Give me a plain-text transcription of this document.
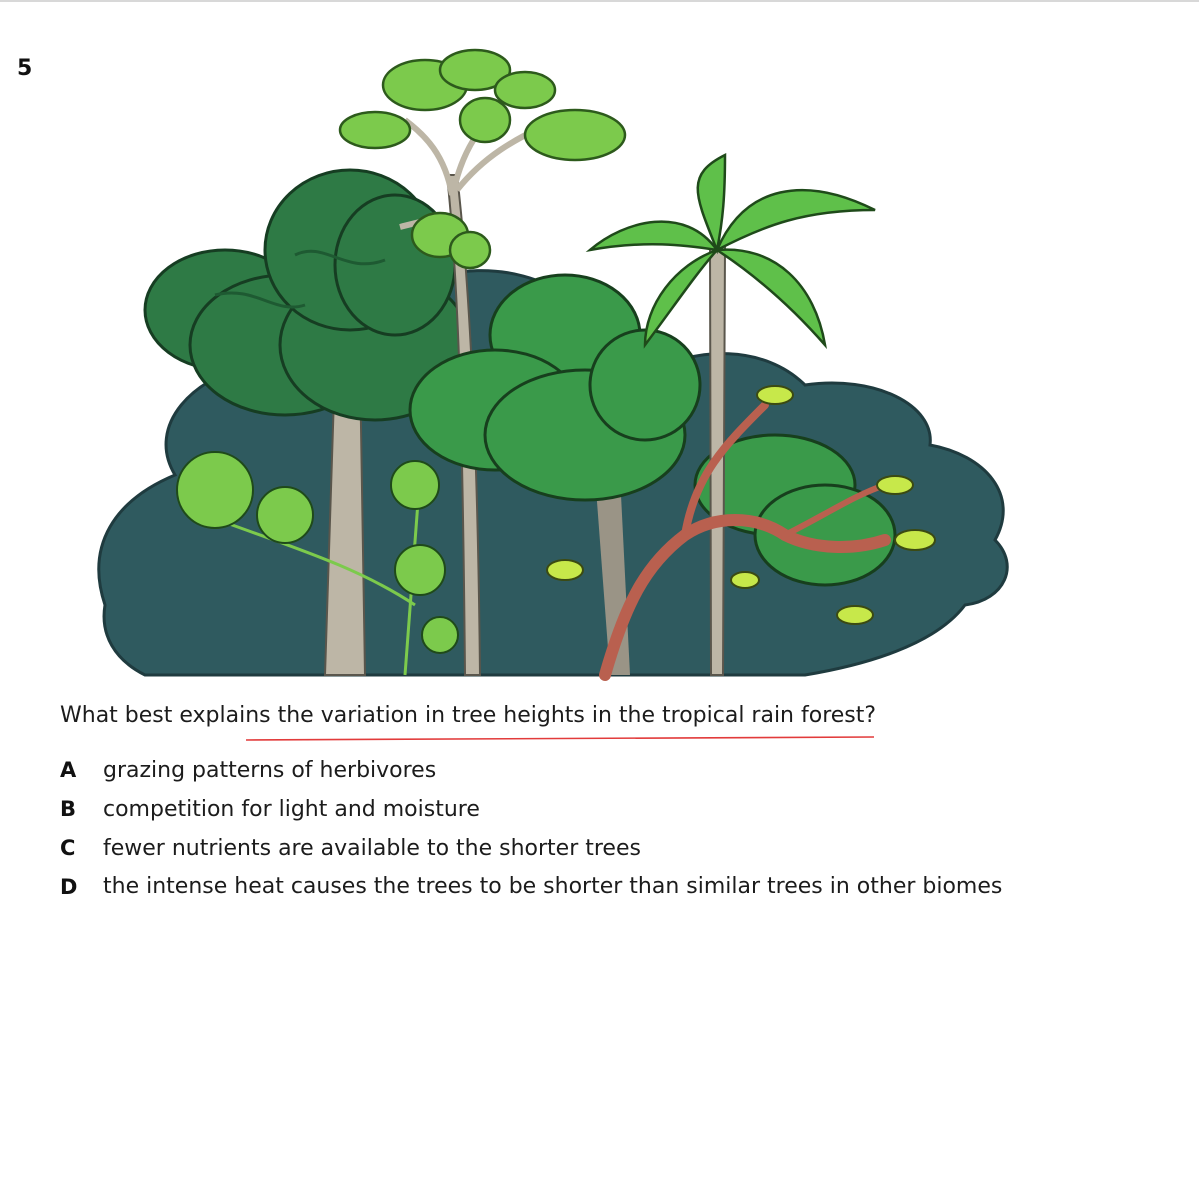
5
What best explains the variation in tree heights in the tropical rain forest?
A	grazing patterns of herbivores
B	competition for light and moisture
C	fewer nutrients are available to the shorter trees
D	the intense heat causes the trees to be shorter than similar trees in other biomes
